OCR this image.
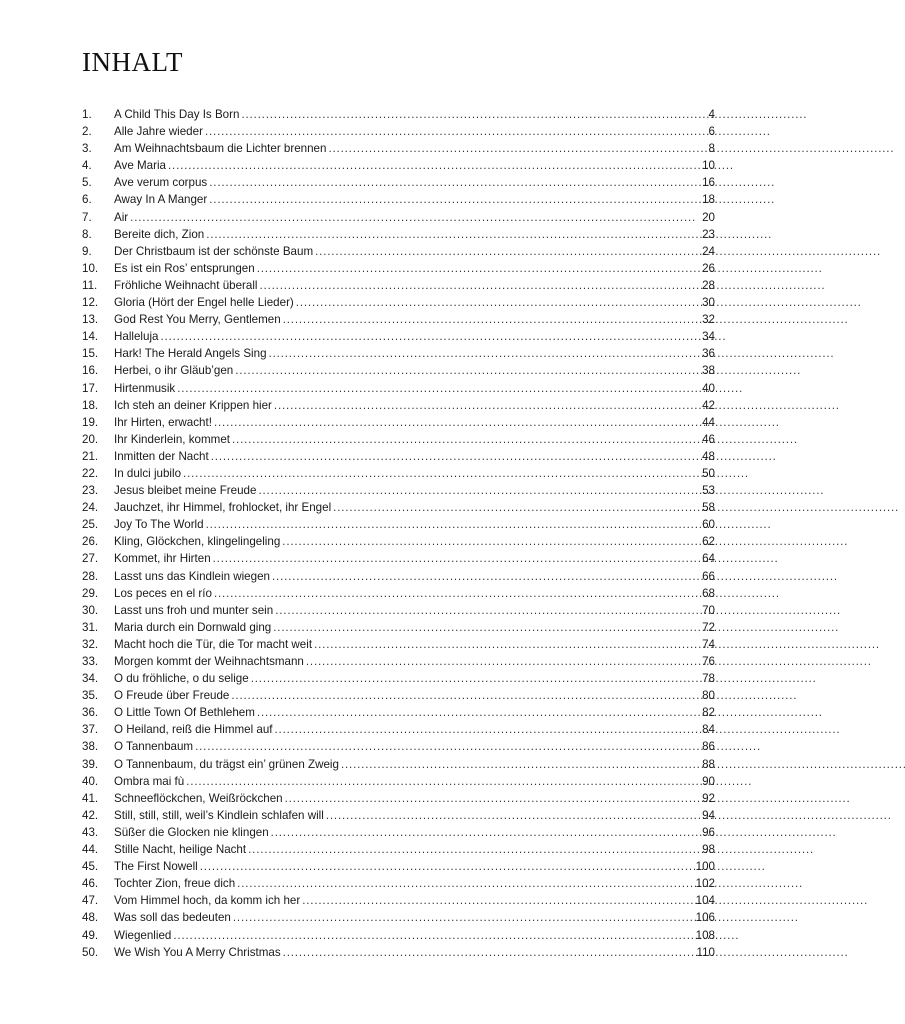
INHALT
1.	A Child This Day Is Born . . .	4
2.	Alle Jahre wieder . . .	6
3.	Am Weihnachtsbaum die Lichter brennen . . .	8
4.	Ave Maria . . .	10
5.	Ave verum corpus . . .	16
6.	Away In A Manger . . .	18
7.	Air . . .	20
8.	Bereite dich, Zion . . .	23
9.	Der Christbaum ist der schönste Baum . . .	24
10.	Es ist ein Ros’ entsprungen . . .	26
11.	Fröhliche Weihnacht überall . . .	28
12.	Gloria (Hört der Engel helle Lieder) . . .	30
13.	God Rest You Merry, Gentlemen . . .	32
14.	Halleluja . . .	34
15.	Hark! The Herald Angels Sing . . .	36
16.	Herbei, o ihr Gläub’gen . . .	38
17.	Hirtenmusik . . .	40
18.	Ich steh an deiner Krippen hier . . .	42
19.	Ihr Hirten, erwacht! . . .	44
20.	Ihr Kinderlein, kommet . . .	46
21.	Inmitten der Nacht . . .	48
22.	In dulci jubilo . . .	50
23.	Jesus bleibet meine Freude . . .	53
24.	Jauchzet, ihr Himmel, frohlocket, ihr Engel . . .	58
25.	Joy To The World . . .	60
26.	Kling, Glöckchen, klingelingeling . . .	62
27.	Kommet, ihr Hirten . . .	64
28.	Lasst uns das Kindlein wiegen . . .	66
29.	Los peces en el río . . .	68
30.	Lasst uns froh und munter sein . . .	70
31.	Maria durch ein Dornwald ging . . .	72
32.	Macht hoch die Tür, die Tor macht weit . . .	74
33.	Morgen kommt der Weihnachtsmann . . .	76
34.	O du fröhliche, o du selige . . .	78
35.	O Freude über Freude . . .	80
36.	O Little Town Of Bethlehem . . .	82
37.	O Heiland, reiß die Himmel auf . . .	84
38.	O Tannenbaum . . .	86
39.	O Tannenbaum, du trägst ein’ grünen Zweig . . .	88
40.	Ombra mai fù . . .	90
41.	Schneeflöckchen, Weißröckchen . . .	92
42.	Still, still, still, weil’s Kindlein schlafen will . . .	94
43.	Süßer die Glocken nie klingen . . .	96
44.	Stille Nacht, heilige Nacht . . .	98
45.	The First Nowell . . .	100
46.	Tochter Zion, freue dich . . .	102
47.	Vom Himmel hoch, da komm ich her . . .	104
48.	Was soll das bedeuten . . .	106
49.	Wiegenlied . . .	108
50.	We Wish You A Merry Christmas . . .	110
